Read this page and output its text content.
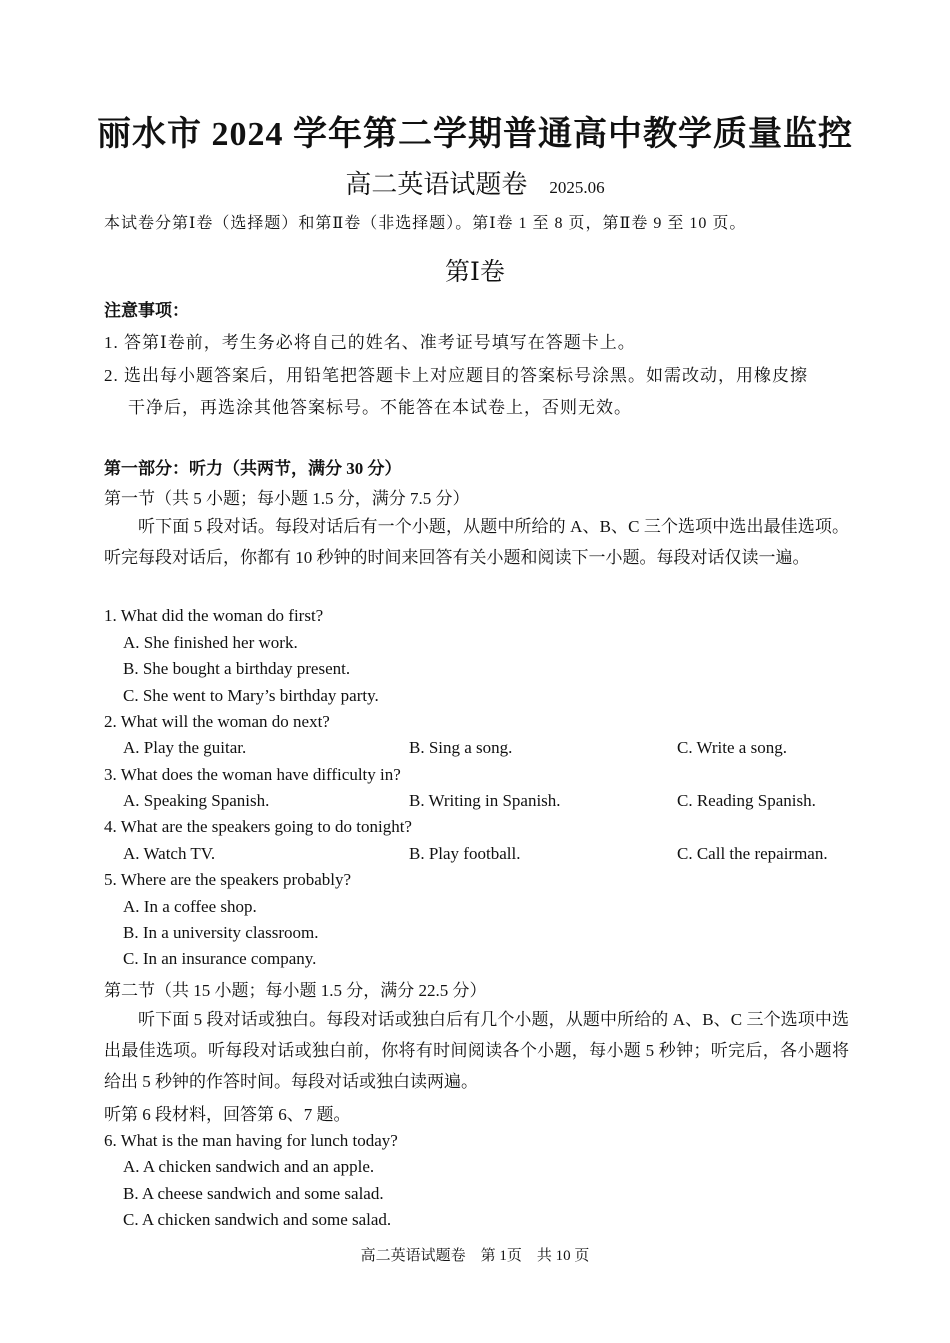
丽水市 2024 学年第二学期普通高中教学质量监控
高二英语试题卷 2025.06
本试卷分第Ⅰ卷（选择题）和第Ⅱ卷（非选择题）。第Ⅰ卷 1 至 8 页，第Ⅱ卷 9 至 10 页。
第Ⅰ卷
注意事项：
1. 答第Ⅰ卷前，考生务必将自己的姓名、准考证号填写在答题卡上。
2. 选出每小题答案后，用铅笔把答题卡上对应题目的答案标号涂黑。如需改动，用橡皮擦
干净后，再选涂其他答案标号。不能答在本试卷上，否则无效。
第一部分：听力（共两节，满分 30 分）
第一节（共 5 小题；每小题 1.5 分，满分 7.5 分）
听下面 5 段对话。每段对话后有一个小题，从题中所给的 A、B、C 三个选项中选出最佳选项。听完每段对话后，你都有 10 秒钟的时间来回答有关小题和阅读下一小题。每段对话仅读一遍。
1. What did the woman do first?
A. She finished her work.
B. She bought a birthday present.
C. She went to Mary’s birthday party.
2. What will the woman do next?
A. Play the guitar.	B. Sing a song.	C. Write a song.
3. What does the woman have difficulty in?
A. Speaking Spanish.	B. Writing in Spanish.	C. Reading Spanish.
4. What are the speakers going to do tonight?
A. Watch TV.	B. Play football.	C. Call the repairman.
5. Where are the speakers probably?
A. In a coffee shop.
B. In a university classroom.
C. In an insurance company.
第二节（共 15 小题；每小题 1.5 分，满分 22.5 分）
听下面 5 段对话或独白。每段对话或独白后有几个小题，从题中所给的 A、B、C 三个选项中选出最佳选项。听每段对话或独白前，你将有时间阅读各个小题，每小题 5 秒钟；听完后，各小题将给出 5 秒钟的作答时间。每段对话或独白读两遍。
听第 6 段材料，回答第 6、7 题。
6. What is the man having for lunch today?
A. A chicken sandwich and an apple.
B. A cheese sandwich and some salad.
C. A chicken sandwich and some salad.
高二英语试题卷　第 1页　共 10 页
